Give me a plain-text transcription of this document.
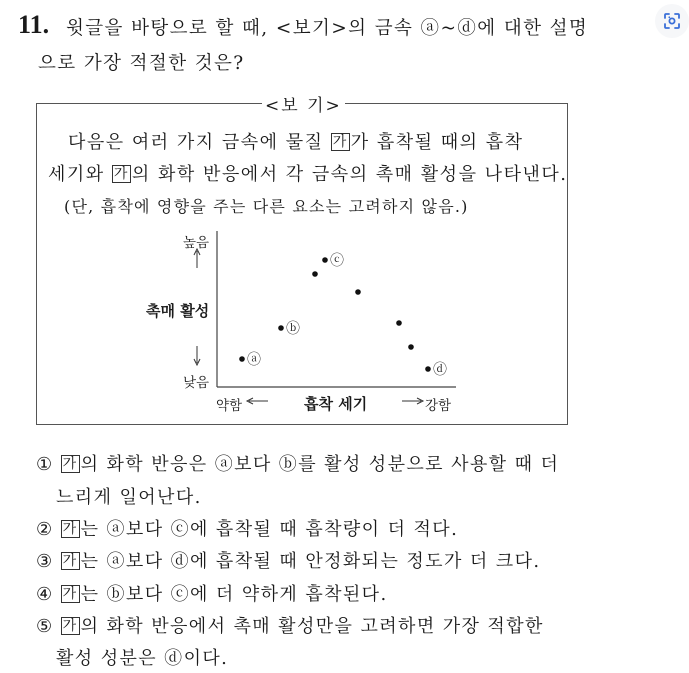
11. 윗글을 바탕으로 할 때, <보기>의 금속 ⓐ~ⓓ에 대한 설명
으로 가장 적절한 것은?
<보 기>
다음은 여러 가지 금속에 물질 가 가 흡착될 때의 흡착
세기와 가 의 화학 반응에서 각 금속의 촉매 활성을 나타낸다.
(단, 흡착에 영향을 주는 다른 요소는 고려하지 않음.)
ⓐ
ⓑ
ⓒ
ⓓ
높음
낮음
촉매 활성
약함	흡착 세기	강함
① 가 의 화학 반응은 ⓐ보다 ⓑ를 활성 성분으로 사용할 때 더
느리게 일어난다.
② 가 는 ⓐ보다 ⓒ에 흡착될 때 흡착량이 더 적다.
③ 가 는 ⓐ보다 ⓓ에 흡착될 때 안정화되는 정도가 더 크다.
④ 가 는 ⓑ보다 ⓒ에 더 약하게 흡착된다.
⑤ 가 의 화학 반응에서 촉매 활성만을 고려하면 가장 적합한
활성 성분은 ⓓ이다.
